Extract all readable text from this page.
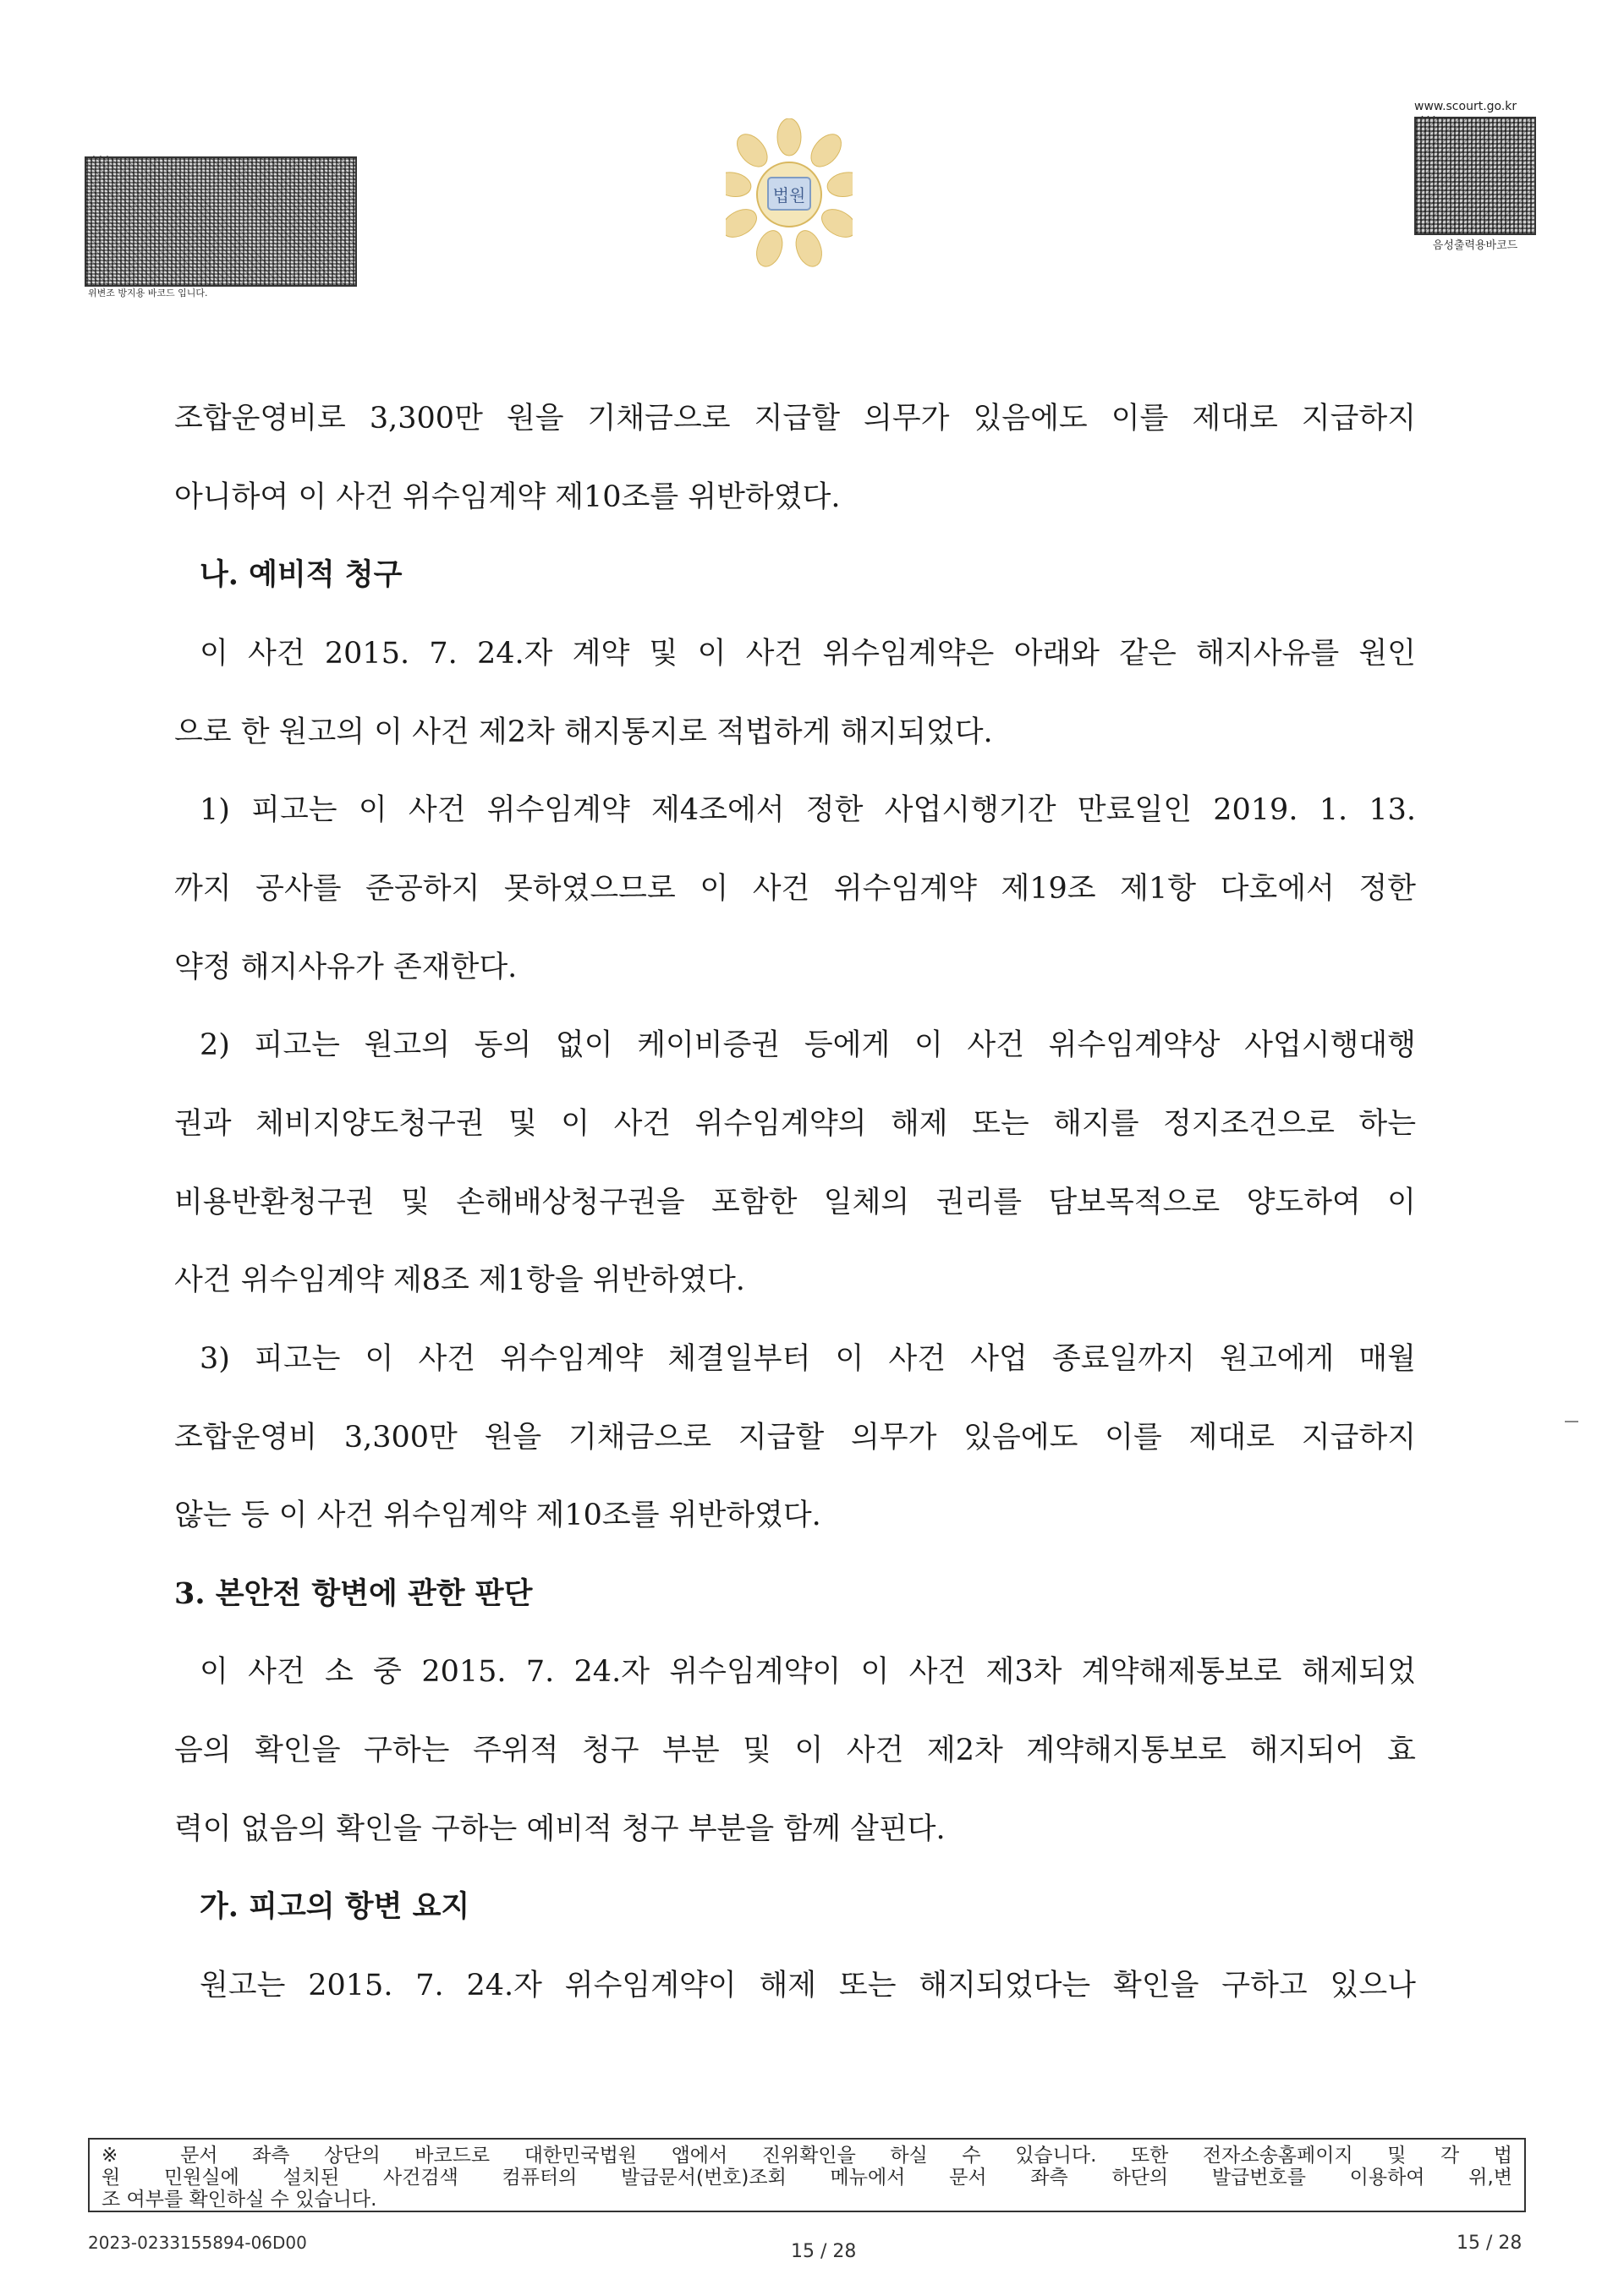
위변조 방지용 바코드 입니다.
법원
www.scourt.go.kr
음성출력용바코드
조합운영비로 3,300만 원을 기채금으로 지급할 의무가 있음에도 이를 제대로 지급하지
아니하여 이 사건 위수임계약 제10조를 위반하였다.
나. 예비적 청구
이 사건 2015. 7. 24.자 계약 및 이 사건 위수임계약은 아래와 같은 해지사유를 원인
으로 한 원고의 이 사건 제2차 해지통지로 적법하게 해지되었다.
1) 피고는 이 사건 위수임계약 제4조에서 정한 사업시행기간 만료일인 2019. 1. 13.
까지 공사를 준공하지 못하였으므로 이 사건 위수임계약 제19조 제1항 다호에서 정한
약정 해지사유가 존재한다.
2) 피고는 원고의 동의 없이 케이비증권 등에게 이 사건 위수임계약상 사업시행대행
권과 체비지양도청구권 및 이 사건 위수임계약의 해제 또는 해지를 정지조건으로 하는
비용반환청구권 및 손해배상청구권을 포함한 일체의 권리를 담보목적으로 양도하여 이
사건 위수임계약 제8조 제1항을 위반하였다.
3) 피고는 이 사건 위수임계약 체결일부터 이 사건 사업 종료일까지 원고에게 매월
조합운영비 3,300만 원을 기채금으로 지급할 의무가 있음에도 이를 제대로 지급하지
않는 등 이 사건 위수임계약 제10조를 위반하였다.
3. 본안전 항변에 관한 판단
이 사건 소 중 2015. 7. 24.자 위수임계약이 이 사건 제3차 계약해제통보로 해제되었
음의 확인을 구하는 주위적 청구 부분 및 이 사건 제2차 계약해지통보로 해지되어 효
력이 없음의 확인을 구하는 예비적 청구 부분을 함께 살핀다.
가. 피고의 항변 요지
원고는 2015. 7. 24.자 위수임계약이 해제 또는 해지되었다는 확인을 구하고 있으나
※ 문서 좌측 상단의 바코드로 대한민국법원 앱에서 진위확인을 하실 수 있습니다. 또한 전자소송홈페이지 및 각 법
원 민원실에 설치된 사건검색 컴퓨터의 발급문서(번호)조회 메뉴에서 문서 좌측 하단의 발급번호를 이용하여 위,변
조 여부를 확인하실 수 있습니다.
2023-0233155894-06D00	15 / 28	15 / 28
